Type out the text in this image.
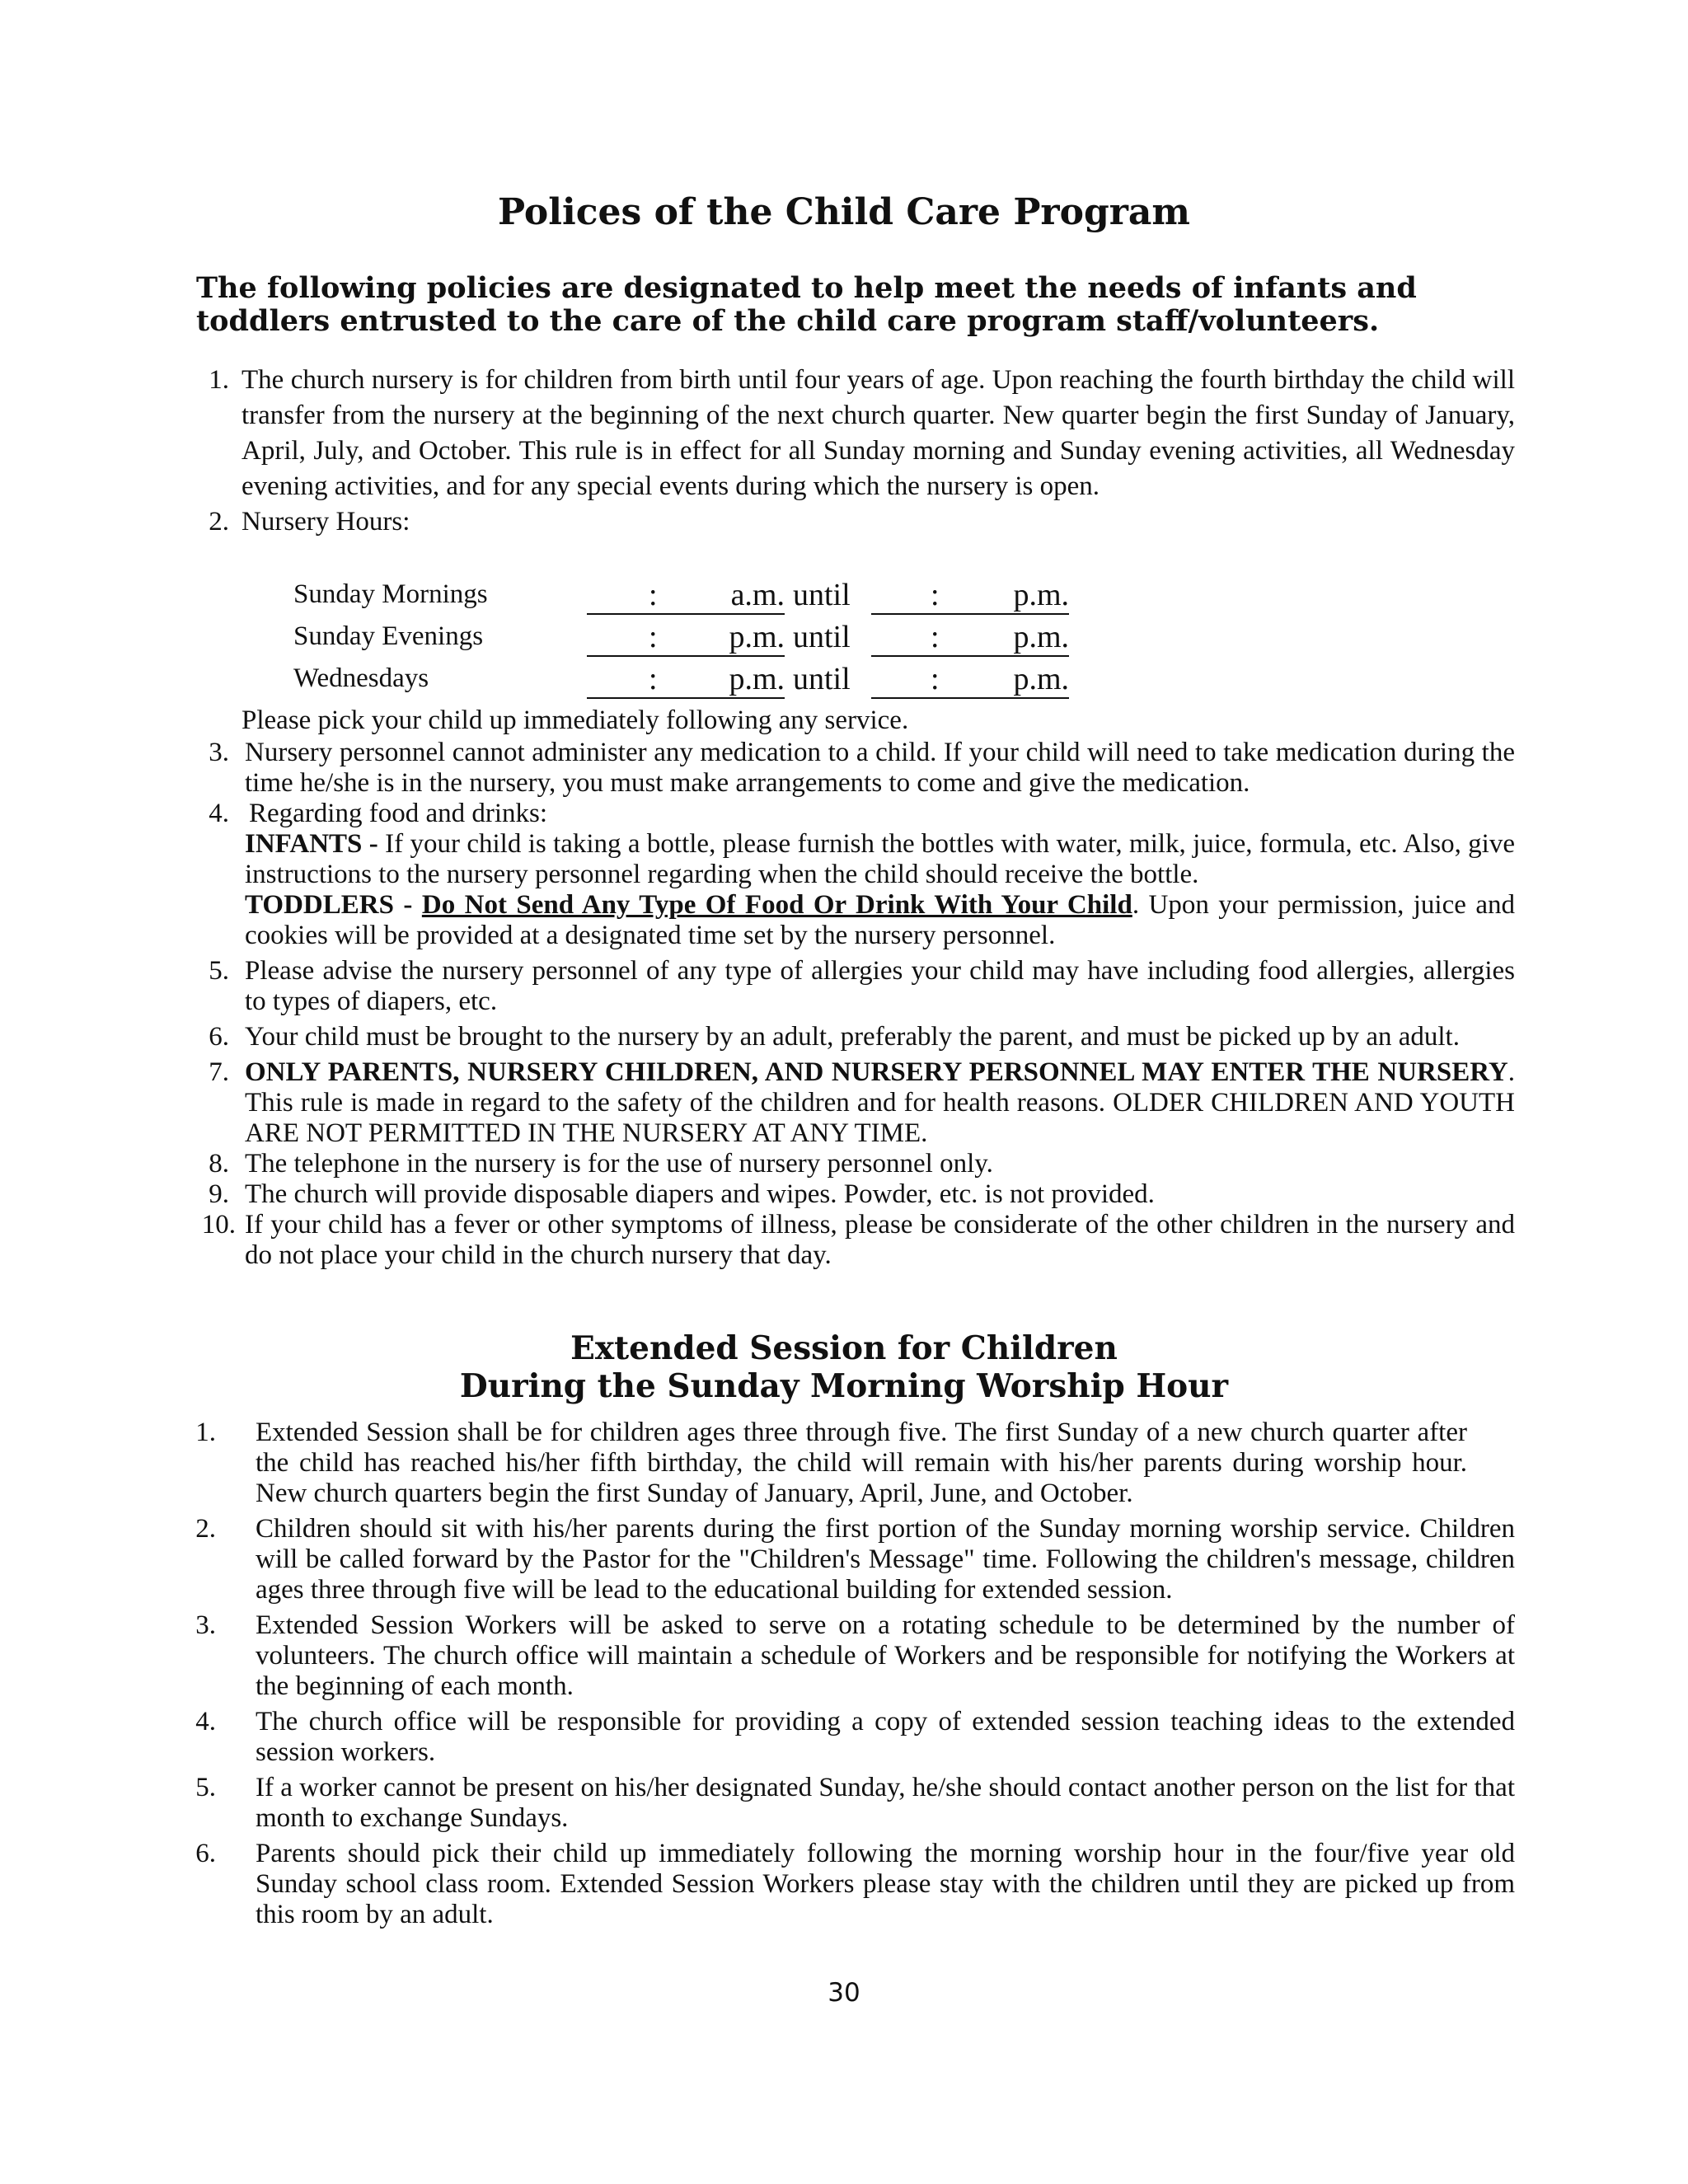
Polices of the Child Care Program
The following policies are designated to help meet the needs of infants and toddlers entrusted to the care of the child care program staff/volunteers.
1. The church nursery is for children from birth until four years of age. Upon reaching the fourth birthday the child will transfer from the nursery at the beginning of the next church quarter. New quarter begin the first Sunday of January, April, July, and October. This rule is in effect for all Sunday morning and Sunday evening activities, all Wednesday evening activities, and for any special events during which the nursery is open.
2. Nursery Hours:
Sunday Mornings	: a.m. until	: p.m.
Sunday Evenings	: p.m. until	: p.m.
Wednesdays	: p.m. until	: p.m.
Please pick your child up immediately following any service.
3. Nursery personnel cannot administer any medication to a child. If your child will need to take medication during the time he/she is in the nursery, you must make arrangements to come and give the medication.
4. Regarding food and drinks:
INFANTS - If your child is taking a bottle, please furnish the bottles with water, milk, juice, formula, etc. Also, give instructions to the nursery personnel regarding when the child should receive the bottle.
TODDLERS - Do Not Send Any Type Of Food Or Drink With Your Child. Upon your permission, juice and cookies will be provided at a designated time set by the nursery personnel.
5. Please advise the nursery personnel of any type of allergies your child may have including food allergies, allergies to types of diapers, etc.
6. Your child must be brought to the nursery by an adult, preferably the parent, and must be picked up by an adult.
7. ONLY PARENTS, NURSERY CHILDREN, AND NURSERY PERSONNEL MAY ENTER THE NURSERY. This rule is made in regard to the safety of the children and for health reasons. OLDER CHILDREN AND YOUTH ARE NOT PERMITTED IN THE NURSERY AT ANY TIME.
8. The telephone in the nursery is for the use of nursery personnel only.
9. The church will provide disposable diapers and wipes. Powder, etc. is not provided.
10. If your child has a fever or other symptoms of illness, please be considerate of the other children in the nursery and do not place your child in the church nursery that day.
Extended Session for Children
During the Sunday Morning Worship Hour
1. Extended Session shall be for children ages three through five. The first Sunday of a new church quarter after the child has reached his/her fifth birthday, the child will remain with his/her parents during worship hour. New church quarters begin the first Sunday of January, April, June, and October.
2. Children should sit with his/her parents during the first portion of the Sunday morning worship service. Children will be called forward by the Pastor for the "Children's Message" time. Following the children's message, children ages three through five will be lead to the educational building for extended session.
3. Extended Session Workers will be asked to serve on a rotating schedule to be determined by the number of volunteers. The church office will maintain a schedule of Workers and be responsible for notifying the Workers at the beginning of each month.
4. The church office will be responsible for providing a copy of extended session teaching ideas to the extended session workers.
5. If a worker cannot be present on his/her designated Sunday, he/she should contact another person on the list for that month to exchange Sundays.
6. Parents should pick their child up immediately following the morning worship hour in the four/five year old Sunday school class room. Extended Session Workers please stay with the children until they are picked up from this room by an adult.
30
